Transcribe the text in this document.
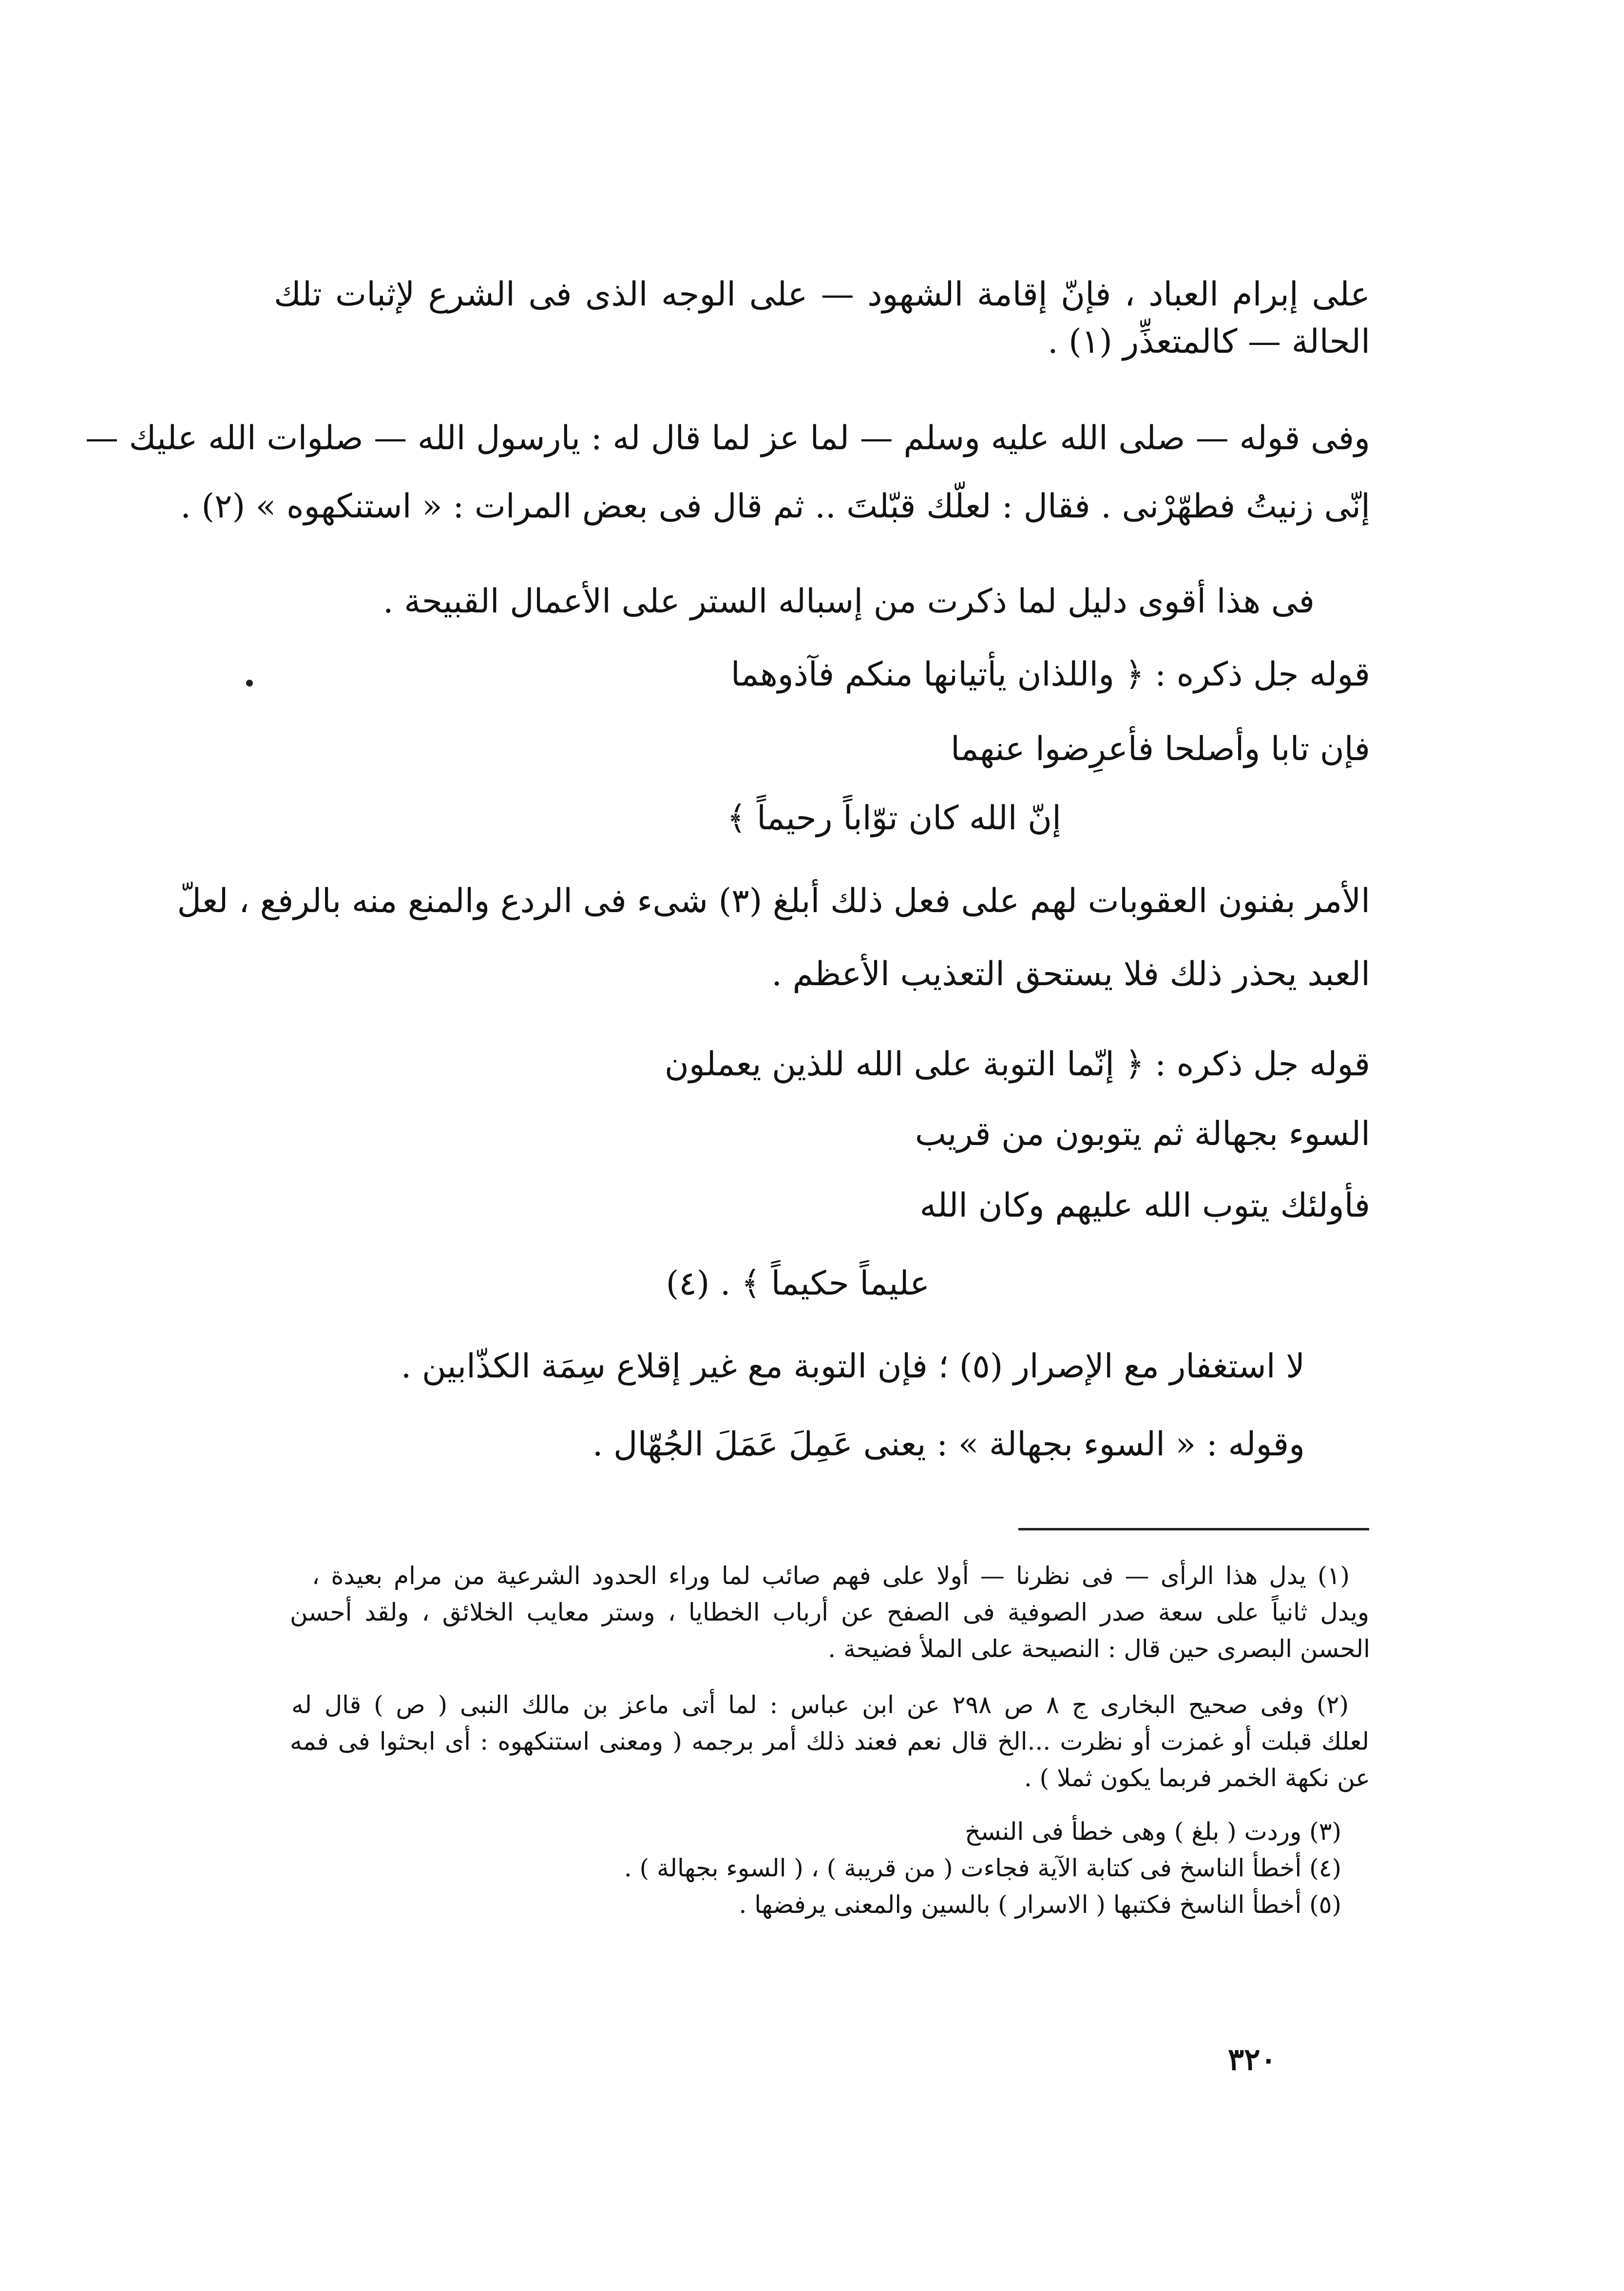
على إبرام العباد ، فإنّ إقامة الشهود — على الوجه الذى فى الشرع لإثبات تلك
الحالة — كالمتعذِّر (١) .
وفى قوله — صلى الله عليه وسلم — لما عز لما قال له : يارسول الله — صلوات الله عليك —
إنّى زنيتُ فطهّرْنى . فقال : لعلّك قبّلتَ .. ثم قال فى بعض المرات : « استنكهوه » (٢) .
فى هذا أقوى دليل لما ذكرت من إسباله الستر على الأعمال القبيحة .
قوله جل ذكره : ﴿ واللذان يأتيانها منكم فآذوهما
فإن تابا وأصلحا فأعرِضوا عنهما
إنّ الله كان توّاباً رحيماً ﴾
الأمر بفنون العقوبات لهم على فعل ذلك أبلغ (٣) شىء فى الردع والمنع منه بالرفع ، لعلّ
العبد يحذر ذلك فلا يستحق التعذيب الأعظم .
قوله جل ذكره : ﴿ إنّما التوبة على الله للذين يعملون
السوء بجهالة ثم يتوبون من قريب
فأولئك يتوب الله عليهم وكان الله
عليماً حكيماً ﴾ . (٤)
لا استغفار مع الإصرار (٥) ؛ فإن التوبة مع غير إقلاع سِمَة الكذّابين .
وقوله : « السوء بجهالة » : يعنى عَمِلَ عَمَلَ الجُهّال .
(١) يدل هذا الرأى — فى نظرنا — أولا على فهم صائب لما وراء الحدود الشرعية من مرام بعيدة ،
ويدل ثانياً على سعة صدر الصوفية فى الصفح عن أرباب الخطايا ، وستر معايب الخلائق ، ولقد أحسن
الحسن البصرى حين قال : النصيحة على الملأ فضيحة .
(٢) وفى صحيح البخارى ج ٨ ص ٢٩٨ عن ابن عباس : لما أتى ماعز بن مالك النبى ( ص ) قال له
لعلك قبلت أو غمزت أو نظرت ...الخ قال نعم فعند ذلك أمر برجمه ( ومعنى استنكهوه : أى ابحثوا فى فمه
عن نكهة الخمر فربما يكون ثملا ) .
(٣) وردت ( بلغ ) وهى خطأ فى النسخ
(٤) أخطأ الناسخ فى كتابة الآية فجاءت ( من قريبة ) ، ( السوء بجهالة ) .
(٥) أخطأ الناسخ فكتبها ( الاسرار ) بالسين والمعنى يرفضها .
٣٢٠
